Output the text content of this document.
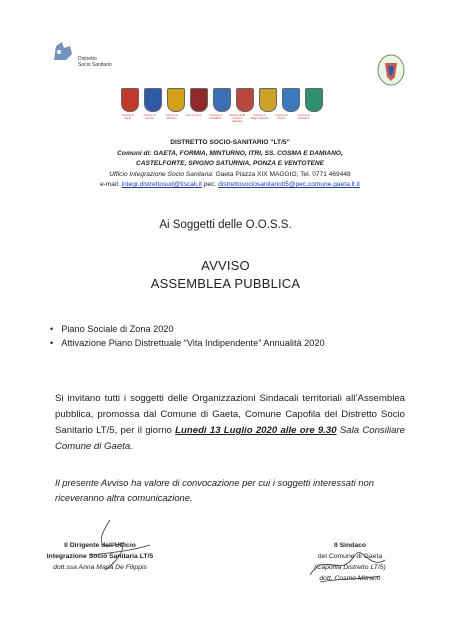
Distretto
Socio Sanitario
Comune di Gaeta
Comune di Formia
Comune di Minturno
Comune di Itri	Comune di Castelforte
Comune di SS. Cosma e Damiano
Comune di Spigno Saturnia
Comune di Ponza
Comune di Ventotene
DISTRETTO SOCIO-SANITARIO "LT/5"
Comuni di: GAETA, FORMIA, MINTURNO, ITRI, SS. COSMA E DAMIANO,
CASTELFORTE, SPIGNO SATURNIA, PONZA E VENTOTENE
Ufficio Integrazione Socio Sanitaria: Gaeta Piazza XIX MAGGIO, Tel. 0771 469448
e-mail: integr.distrettosud@tiscali.it pec: distrettosociosanitariolt5@pec.comune.gaeta.lt.it
Ai Soggetti delle O.O.S.S.
AVVISO
ASSEMBLEA PUBBLICA
• Piano Sociale di Zona 2020
• Attivazione Piano Distrettuale “Vita Indipendente” Annualità 2020
Si invitano tutti i soggetti delle Organizzazioni Sindacali territoriali all’Assemblea pubblica, promossa dal Comune di Gaeta, Comune Capofila del Distretto Socio Sanitario LT/5, per il giorno Lunedì 13 Luglio 2020 alle ore 9.30 Sala Consiliare Comune di Gaeta.
Il presente Avviso ha valore di convocazione per cui i soggetti interessati non riceveranno altra comunicazione.
Il Dirigente dell’Ufficio
Integrazione Socio Sanitaria LT/5
dott.ssa Anna Maria De Filippis
Il Sindaco
del Comune di Gaeta
(Capofila Distretto LT/5)
dott. Cosmo Mitrano
